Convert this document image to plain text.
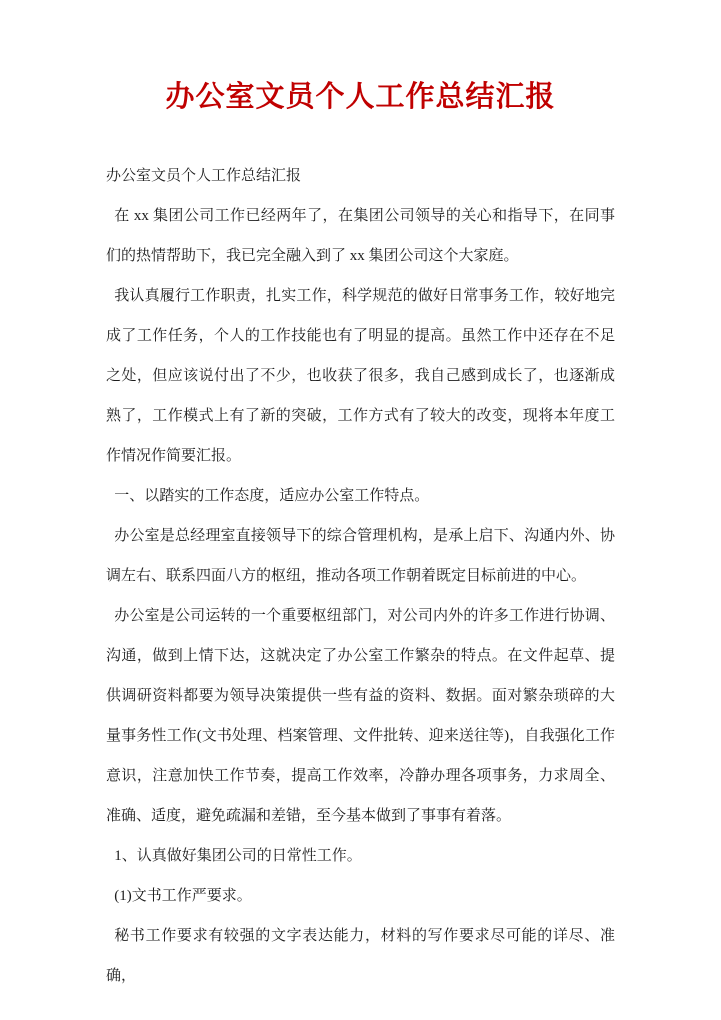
办公室文员个人工作总结汇报

办公室文员个人工作总结汇报

在 xx 集团公司工作已经两年了，在集团公司领导的关心和指导下，在同事们的热情帮助下，我已完全融入到了 xx 集团公司这个大家庭。

我认真履行工作职责，扎实工作，科学规范的做好日常事务工作，较好地完成了工作任务，个人的工作技能也有了明显的提高。虽然工作中还存在不足之处，但应该说付出了不少，也收获了很多，我自己感到成长了，也逐渐成熟了，工作模式上有了新的突破，工作方式有了较大的改变，现将本年度工作情况作简要汇报。

一、以踏实的工作态度，适应办公室工作特点。

办公室是总经理室直接领导下的综合管理机构，是承上启下、沟通内外、协调左右、联系四面八方的枢纽，推动各项工作朝着既定目标前进的中心。

办公室是公司运转的一个重要枢纽部门，对公司内外的许多工作进行协调、沟通，做到上情下达，这就决定了办公室工作繁杂的特点。在文件起草、提供调研资料都要为领导决策提供一些有益的资料、数据。面对繁杂琐碎的大量事务性工作(文书处理、档案管理、文件批转、迎来送往等)，自我强化工作意识，注意加快工作节奏，提高工作效率，冷静办理各项事务，力求周全、准确、适度，避免疏漏和差错，至今基本做到了事事有着落。

1、认真做好集团公司的日常性工作。

(1)文书工作严要求。

秘书工作要求有较强的文字表达能力，材料的写作要求尽可能的详尽、准确，
